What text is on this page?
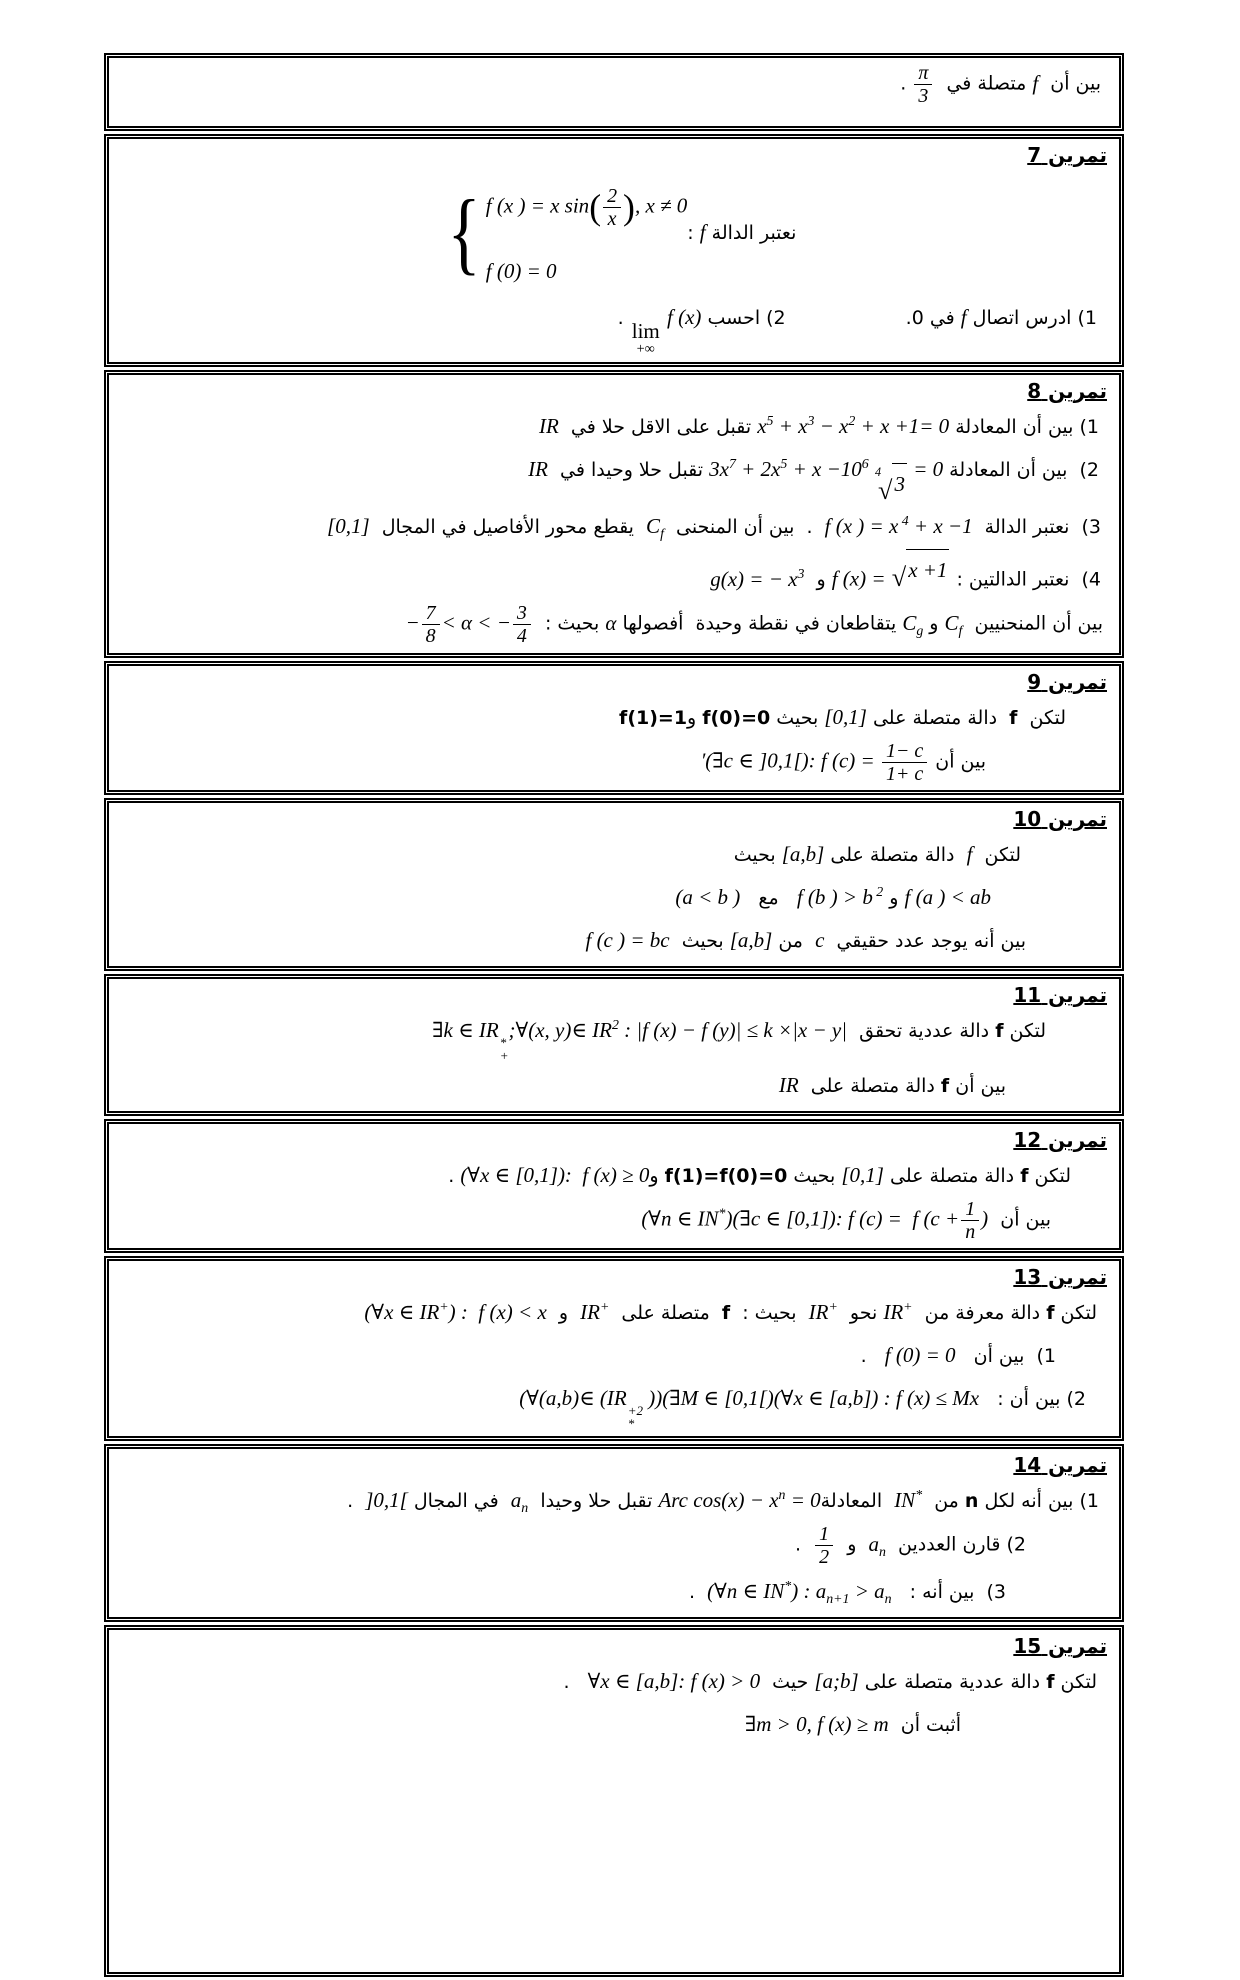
بين أن  f متصلة في
$\frac{\pi}{3}$
.
تمرين 7
نعتبر الدالة f :
{ f (x ) = x $\sin( \frac{2}{x}$ ), x ≠ 0
f (0) = 0
1) ادرس اتصال f في 0.2) احسب
lim
+∞
f (x) .
تمرين 8
1) بين أن المعادلة $x^5 + x^3 - x^2 + x +1= 0$ تقبل على الاقل حلا في  IR
2)  بين أن المعادلة $3x^7 + 2x^5 + x -10^6$
4
√ 3
= 0 تقبل حلا وحيدا في  IR
3)  نعتبر الدالة  f (x ) = x $^4$ + x −1  .  بين أن المنحنى  $C_f$  يقطع محور الأفاصيل في المجال  [0,1]
4)  نعتبر الدالتين : f (x) = √ x +1
و  g(x) = − $x^3$
بين أن المنحنيين  $C_f$ و $C_g$ يتقاطعان في نقطة وحيدة  أفصولها α بحيث :  − $\frac{7}{8} < \alpha$ < − $\frac{3}{4}$
تمرين 9
لتكن  f  دالة متصلة على [0,1] بحيث f(0)=0 وf(1)=1
بين أن ′(∃c ∈ ]0,1[): f $(c) = \frac{1- c}{1+ c}$
تمرين 10
لتكن  f  دالة متصلة على [a,b] بحيث
f (a ) < ab و f (b ) > b $^2$   مع   (a < b )
بين أنه يوجد عدد حقيقي  c  من [a,b] بحيث  f (c ) = bc
تمرين 11
لتكن f دالة عددية تحقق  ∃k ∈ IR *
+
;∀(x, y)∈ $IR^2$ : |f (x) − f (y)| ≤ k ×|x − y|
بين أن f دالة متصلة على  IR
تمرين 12
لتكن f دالة متصلة على [0,1] بحيث f(1)=f(0)=0 و(∀x ∈ [0,1]):  f (x) ≥ 0 .
بين أن  (∀n ∈ IN*)(∃c ∈ [0,1]): f (c) =  f ($c + \frac{1}{n}$ )
تمرين 13
لتكن f دالة معرفة من  IR+ نحو  IR+  بحيث :  f  متصلة على  IR+  و  (∀x ∈ IR+) :  f (x) < x
1)  بين أن   f (0) = 0   .
2) بين أن :   (∀(a,b)∈ (IR +2
*
))(∃M ∈ [0,1[)(∀x ∈ [a,b]) : f (x) ≤ Mx
تمرين 14
1) بين أنه لكل n من  IN*  المعادلةArc $\cos(x) - x^n = 0$ تقبل حلا وحيدا  $a_n$  في المجال ]0,1[  .
2) قارن العددين  $a_n$  و
$\frac{1}{2}$
.
3)  بين أنه :   (∀n ∈ IN*) : $a_{n+1} > a_n$  .
تمرين 15
لتكن f دالة عددية متصلة على [a;b] حيث  ∀x ∈ [a,b]: f (x) > 0   .
أثبت أن  ∃m > 0, f (x) ≥ m
